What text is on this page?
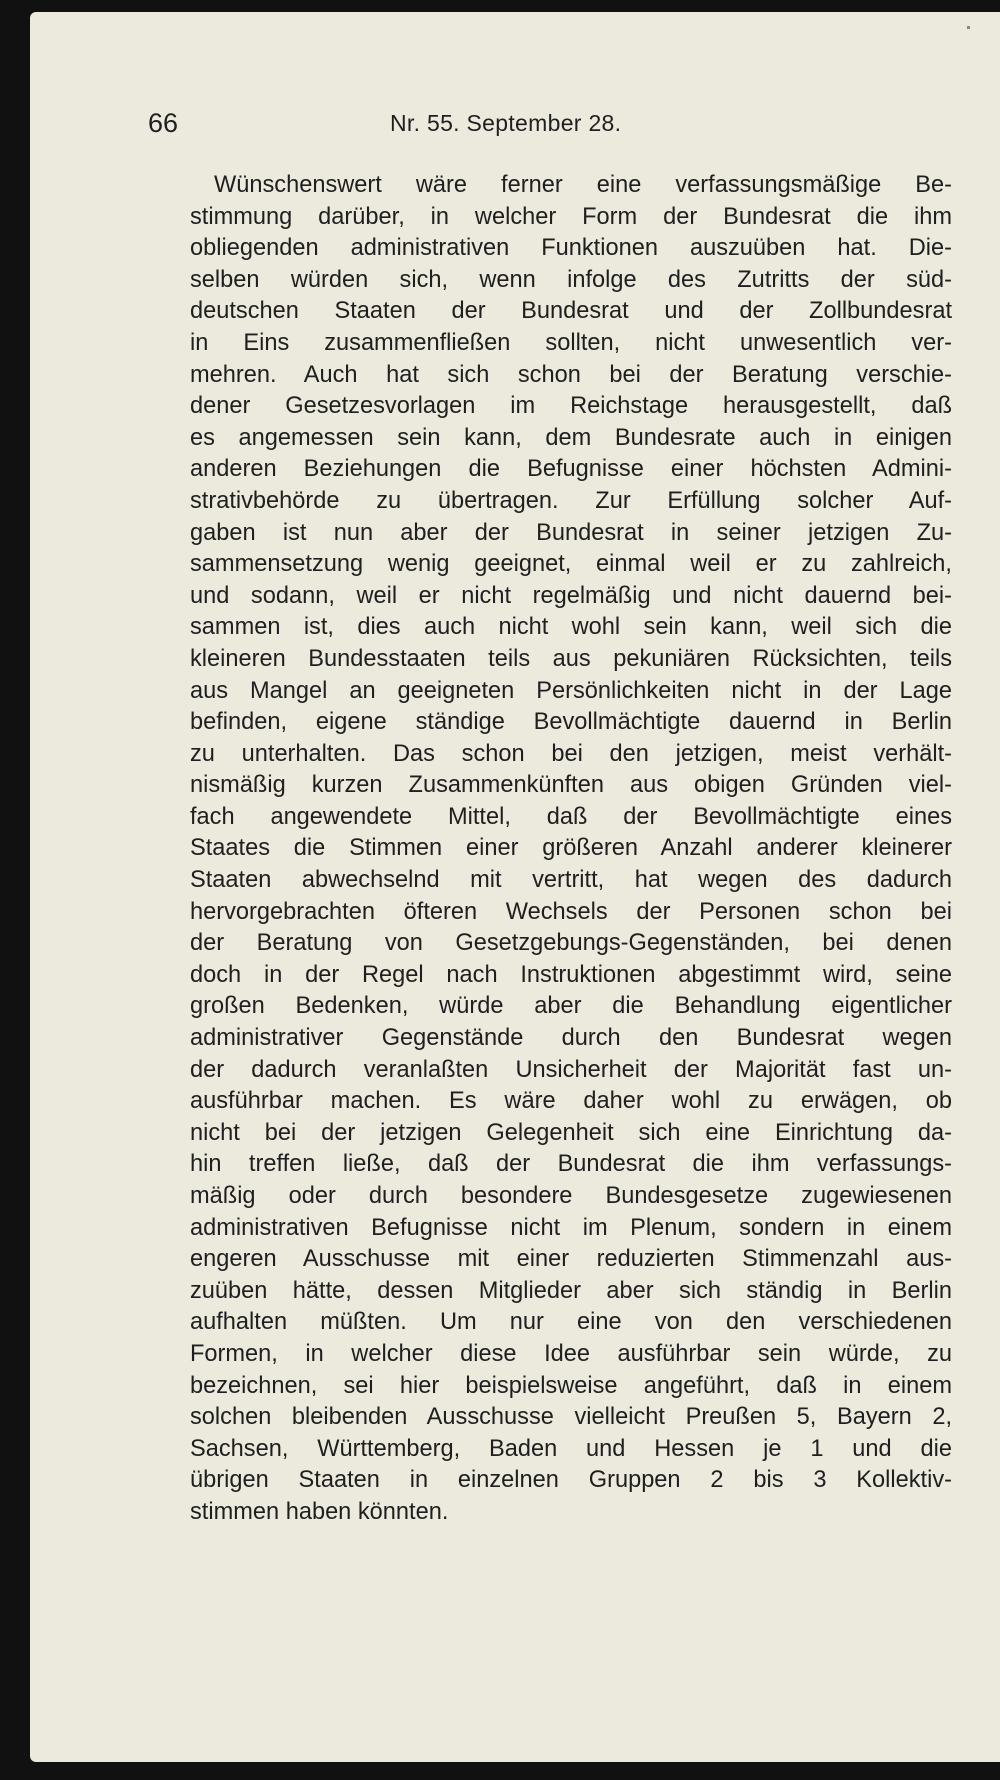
66	Nr. 55. September 28.
Wünschenswert wäre ferner eine verfassungsmäßige Be-
stimmung darüber, in welcher Form der Bundesrat die ihm
obliegenden administrativen Funktionen auszuüben hat. Die-
selben würden sich, wenn infolge des Zutritts der süd-
deutschen Staaten der Bundesrat und der Zollbundesrat
in Eins zusammenfließen sollten, nicht unwesentlich ver-
mehren. Auch hat sich schon bei der Beratung verschie-
dener Gesetzesvorlagen im Reichstage herausgestellt, daß
es angemessen sein kann, dem Bundesrate auch in einigen
anderen Beziehungen die Befugnisse einer höchsten Admini-
strativbehörde zu übertragen. Zur Erfüllung solcher Auf-
gaben ist nun aber der Bundesrat in seiner jetzigen Zu-
sammensetzung wenig geeignet, einmal weil er zu zahlreich,
und sodann, weil er nicht regelmäßig und nicht dauernd bei-
sammen ist, dies auch nicht wohl sein kann, weil sich die
kleineren Bundesstaaten teils aus pekuniären Rücksichten, teils
aus Mangel an geeigneten Persönlichkeiten nicht in der Lage
befinden, eigene ständige Bevollmächtigte dauernd in Berlin
zu unterhalten. Das schon bei den jetzigen, meist verhält-
nismäßig kurzen Zusammenkünften aus obigen Gründen viel-
fach angewendete Mittel, daß der Bevollmächtigte eines
Staates die Stimmen einer größeren Anzahl anderer kleinerer
Staaten abwechselnd mit vertritt, hat wegen des dadurch
hervorgebrachten öfteren Wechsels der Personen schon bei
der Beratung von Gesetzgebungs-Gegenständen, bei denen
doch in der Regel nach Instruktionen abgestimmt wird, seine
großen Bedenken, würde aber die Behandlung eigentlicher
administrativer Gegenstände durch den Bundesrat wegen
der dadurch veranlaßten Unsicherheit der Majorität fast un-
ausführbar machen. Es wäre daher wohl zu erwägen, ob
nicht bei der jetzigen Gelegenheit sich eine Einrichtung da-
hin treffen ließe, daß der Bundesrat die ihm verfassungs-
mäßig oder durch besondere Bundesgesetze zugewiesenen
administrativen Befugnisse nicht im Plenum, sondern in einem
engeren Ausschusse mit einer reduzierten Stimmenzahl aus-
zuüben hätte, dessen Mitglieder aber sich ständig in Berlin
aufhalten müßten. Um nur eine von den verschiedenen
Formen, in welcher diese Idee ausführbar sein würde, zu
bezeichnen, sei hier beispielsweise angeführt, daß in einem
solchen bleibenden Ausschusse vielleicht Preußen 5, Bayern 2,
Sachsen, Württemberg, Baden und Hessen je 1 und die
übrigen Staaten in einzelnen Gruppen 2 bis 3 Kollektiv-
stimmen haben könnten.
